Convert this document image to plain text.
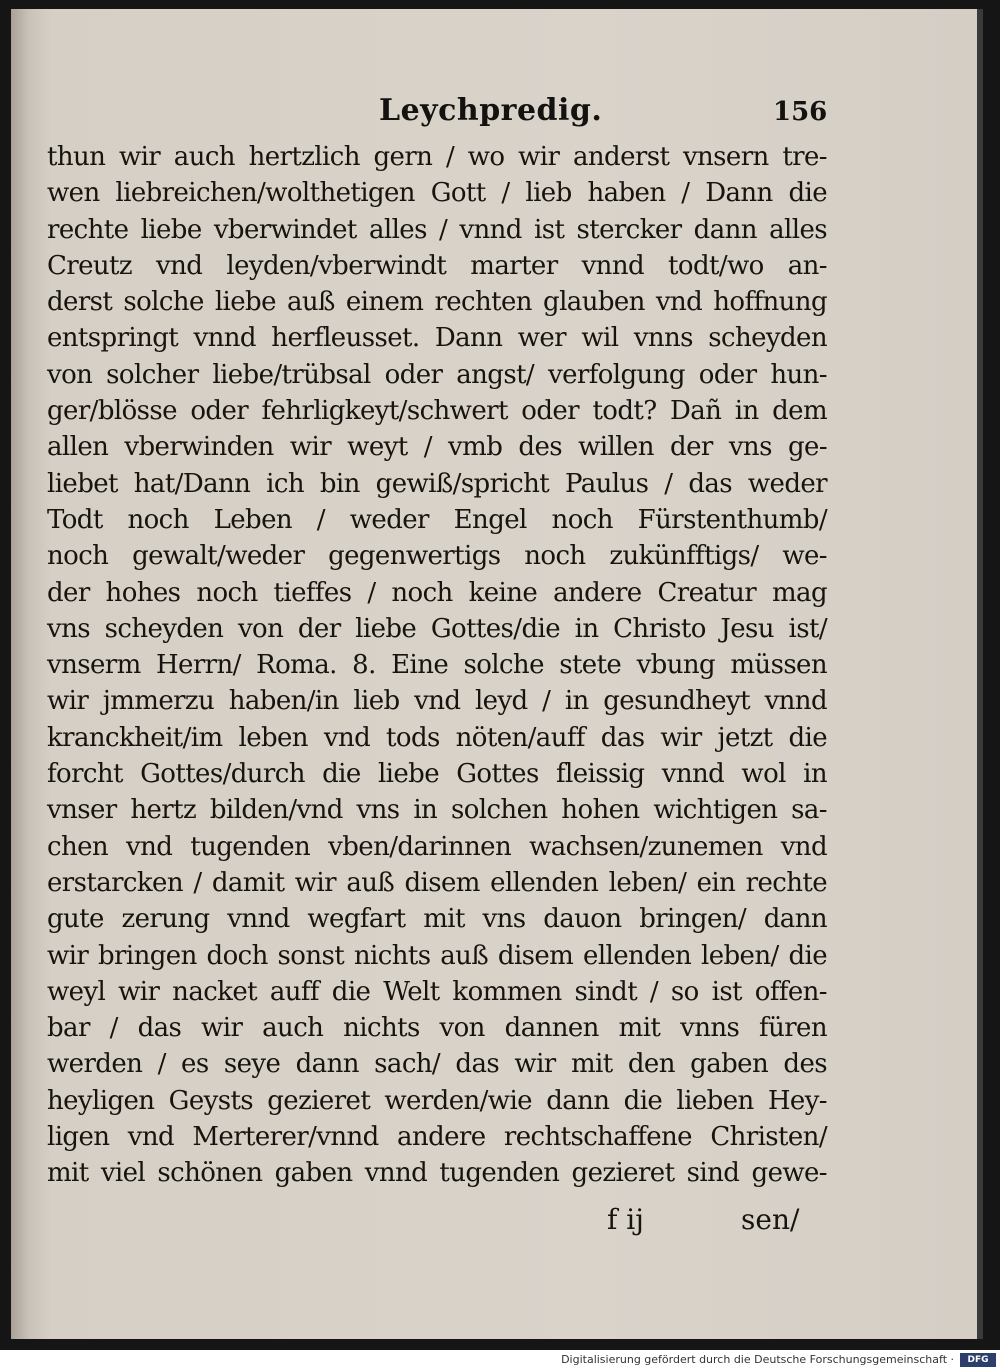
Leychpredig.	156
thun wir auch hertzlich gern / wo wir anderst vnsern tre-
wen liebreichen/wolthetigen Gott / lieb haben / Dann die
rechte liebe vberwindet alles / vnnd ist stercker dann alles
Creutz vnd leyden/vberwindt marter vnnd todt/wo an-
derst solche liebe auß einem rechten glauben vnd hoffnung
entspringt vnnd herfleusset. Dann wer wil vnns scheyden
von solcher liebe/trübsal oder angst/ verfolgung oder hun-
ger/blösse oder fehrligkeyt/schwert oder todt? Dañ in dem
allen vberwinden wir weyt / vmb des willen der vns ge-
liebet hat/Dann ich bin gewiß/spricht Paulus / das weder
Todt noch Leben / weder Engel noch Fürstenthumb/
noch gewalt/weder gegenwertigs noch zukünfftigs/ we-
der hohes noch tieffes / noch keine andere Creatur mag
vns scheyden von der liebe Gottes/die in Christo Jesu ist/
vnserm Herrn/ Roma. 8. Eine solche stete vbung müssen
wir jmmerzu haben/in lieb vnd leyd / in gesundheyt vnnd
kranckheit/im leben vnd tods nöten/auff das wir jetzt die
forcht Gottes/durch die liebe Gottes fleissig vnnd wol in
vnser hertz bilden/vnd vns in solchen hohen wichtigen sa-
chen vnd tugenden vben/darinnen wachsen/zunemen vnd
erstarcken / damit wir auß disem ellenden leben/ ein rechte
gute zerung vnnd wegfart mit vns dauon bringen/ dann
wir bringen doch sonst nichts auß disem ellenden leben/ die
weyl wir nacket auff die Welt kommen sindt / so ist offen-
bar / das wir auch nichts von dannen mit vnns füren
werden / es seye dann sach/ das wir mit den gaben des
heyligen Geysts gezieret werden/wie dann die lieben Hey-
ligen vnd Merterer/vnnd andere rechtschaffene Christen/
mit viel schönen gaben vnnd tugenden gezieret sind gewe-
f ij	sen/
Digitalisierung gefördert durch die Deutsche Forschungsgemeinschaft ·	DFG
